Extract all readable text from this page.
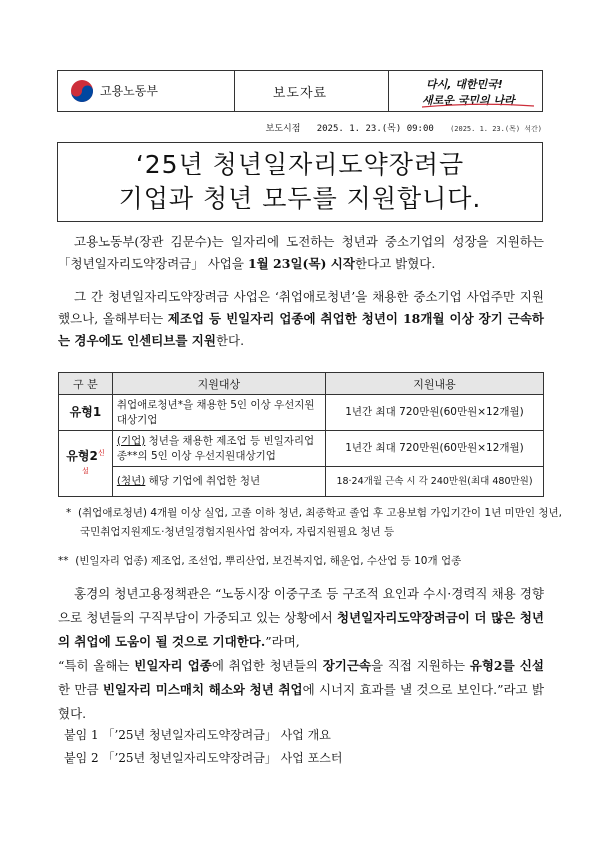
고용노동부	보도자료
다시, 대한민국!
새로운 국민의 나라
보도시점 2025. 1. 23.(목) 09:00 (2025. 1. 23.(목) 석간)
‘25년 청년일자리도약장려금
기업과 청년 모두를 지원합니다.
고용노동부(장관 김문수)는 일자리에 도전하는 청년과 중소기업의 성장을 지원하는 「청년일자리도약장려금」 사업을 1월 23일(목) 시작한다고 밝혔다.
그 간 청년일자리도약장려금 사업은 ‘취업애로청년’을 채용한 중소기업 사업주만 지원했으나, 올해부터는 제조업 등 빈일자리 업종에 취업한 청년이 18개월 이상 장기 근속하는 경우에도 인센티브를 지원한다.
구 분	지원대상	지원내용
유형1	취업애로청년*을 채용한 5인 이상 우선지원대상기업	1년간 최대 720만원(60만원×12개월)
유형$2^{신설}$	(기업) 청년을 채용한 제조업 등 빈일자리업종**의 5인 이상 우선지원대상기업	1년간 최대 720만원(60만원×12개월)
	(청년) 해당 기업에 취업한 청년	18·24개월 근속 시 각 240만원(최대 480만원)
* (취업애로청년) 4개월 이상 실업, 고졸 이하 청년, 최종학교 졸업 후 고용보험 가입기간이 1년 미만인 청년, 국민취업지원제도·청년일경험지원사업 참여자, 자립지원필요 청년 등
** (빈일자리 업종) 제조업, 조선업, 뿌리산업, 보건복지업, 해운업, 수산업 등 10개 업종
홍경의 청년고용정책관은 “노동시장 이중구조 등 구조적 요인과 수시·경력직 채용 경향으로 청년들의 구직부담이 가중되고 있는 상황에서 청년일자리도약장려금이 더 많은 청년의 취업에 도움이 될 것으로 기대한다.”라며,
“특히 올해는 빈일자리 업종에 취업한 청년들의 장기근속을 직접 지원하는 유형2를 신설한 만큼 빈일자리 미스매치 해소와 청년 취업에 시너지 효과를 낼 것으로 보인다.”라고 밝혔다.
붙임 1 「’25년 청년일자리도약장려금」 사업 개요
붙임 2 「’25년 청년일자리도약장려금」 사업 포스터
